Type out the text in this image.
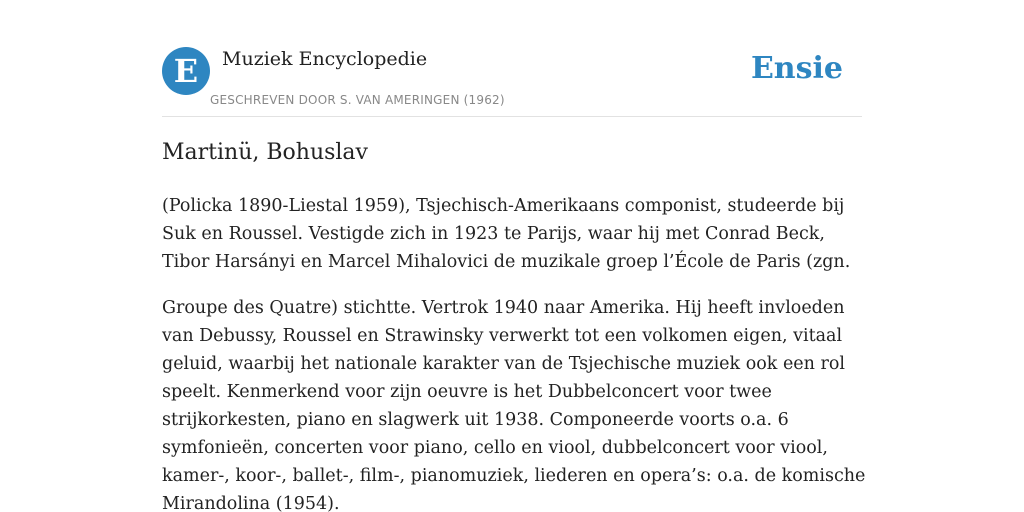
E	Muziek Encyclopedie
GESCHREVEN DOOR S. VAN AMERINGEN (1962)
Ensie
Martinü, Bohuslav

(Policka 1890-Liestal 1959), Tsjechisch-Amerikaans componist, studeerde bij Suk en Roussel. Vestigde zich in 1923 te Parijs, waar hij met Conrad Beck, Tibor Harsányi en Marcel Mihalovici de muzikale groep l’École de Paris (zgn.

Groupe des Quatre) stichtte. Vertrok 1940 naar Amerika. Hij heeft invloeden van Debussy, Roussel en Strawinsky verwerkt tot een volkomen eigen, vitaal geluid, waarbij het nationale karakter van de Tsjechische muziek ook een rol speelt. Kenmerkend voor zijn oeuvre is het Dubbelconcert voor twee strijkorkesten, piano en slagwerk uit 1938. Componeerde voorts o.a. 6 symfonieën, concerten voor piano, cello en viool, dubbelconcert voor viool, kamer-, koor-, ballet-, film-, pianomuziek, liederen en opera’s: o.a. de komische Mirandolina (1954).
